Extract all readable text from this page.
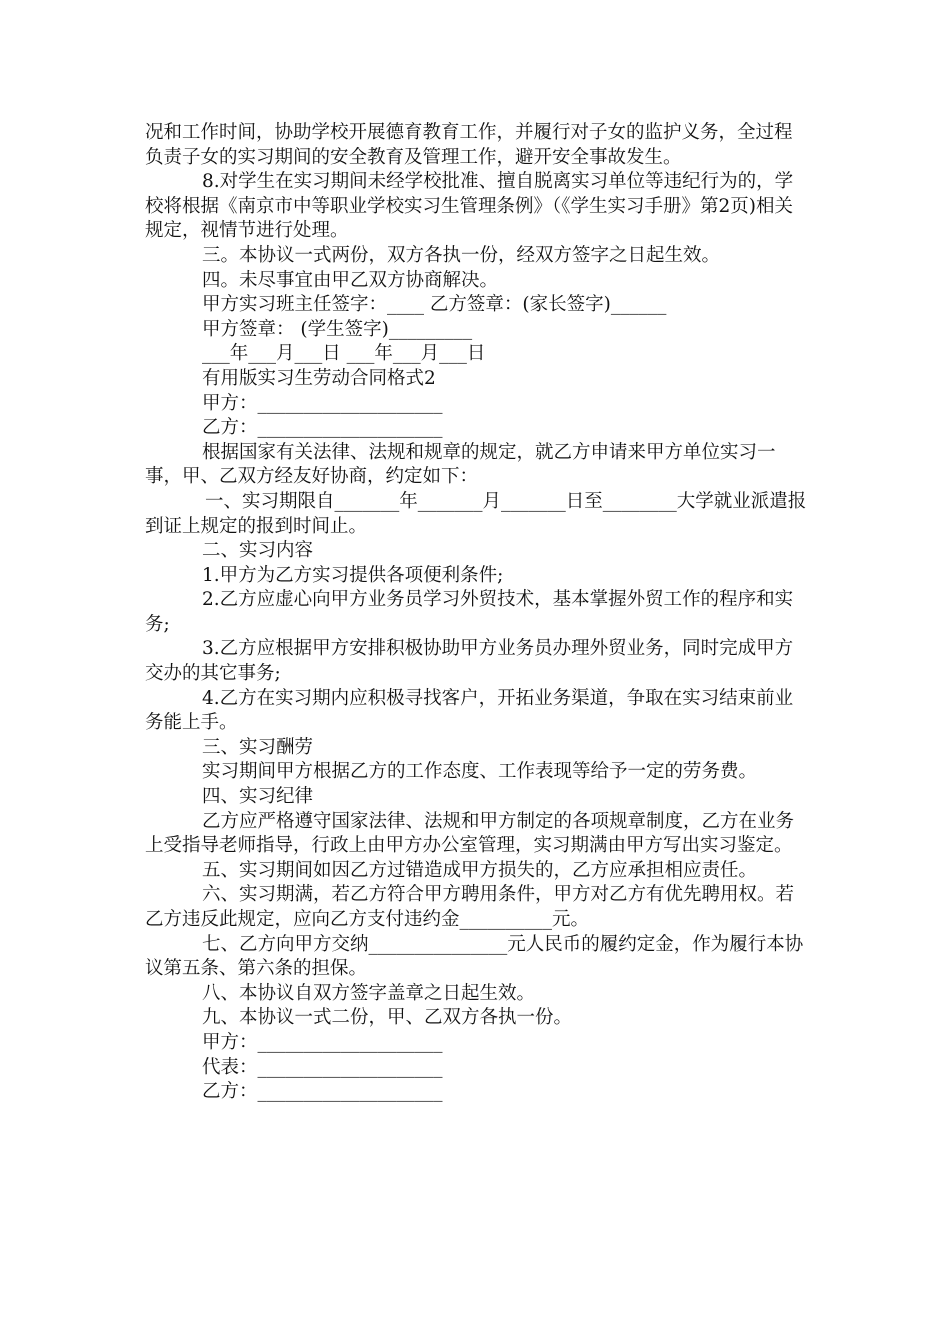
况和工作时间，协助学校开展德育教育工作，并履行对子女的监护义务，全过程负责子女的实习期间的安全教育及管理工作，避开安全事故发生。

8.对学生在实习期间未经学校批准、擅自脱离实习单位等违纪行为的，学校将根据《南京市中等职业学校实习生管理条例》（《学生实习手册》第2页)相关规定，视情节进行处理。

三。本协议一式两份，双方各执一份，经双方签字之日起生效。

四。未尽事宜由甲乙双方协商解决。

甲方实习班主任签字：____ 乙方签章：(家长签字)______

甲方签章： (学生签字)_________

___年___月___日 ___年___月___日

有用版实习生劳动合同格式2

甲方：____________________

乙方：____________________

根据国家有关法律、法规和规章的规定，就乙方申请来甲方单位实习一事，甲、乙双方经友好协商，约定如下：

一、实习期限自_______年_______月_______日至________大学就业派遣报到证上规定的报到时间止。

二、实习内容

1.甲方为乙方实习提供各项便利条件;

2.乙方应虚心向甲方业务员学习外贸技术，基本掌握外贸工作的程序和实务;

3.乙方应根据甲方安排积极协助甲方业务员办理外贸业务，同时完成甲方交办的其它事务;

4.乙方在实习期内应积极寻找客户，开拓业务渠道，争取在实习结束前业务能上手。

三、实习酬劳

实习期间甲方根据乙方的工作态度、工作表现等给予一定的劳务费。

四、实习纪律

乙方应严格遵守国家法律、法规和甲方制定的各项规章制度，乙方在业务上受指导老师指导，行政上由甲方办公室管理，实习期满由甲方写出实习鉴定。

五、实习期间如因乙方过错造成甲方损失的，乙方应承担相应责任。

六、实习期满，若乙方符合甲方聘用条件，甲方对乙方有优先聘用权。若乙方违反此规定，应向乙方支付违约金__________元。

七、乙方向甲方交纳_______________元人民币的履约定金，作为履行本协议第五条、第六条的担保。

八、本协议自双方签字盖章之日起生效。

九、本协议一式二份，甲、乙双方各执一份。

甲方：____________________

代表：____________________

乙方：____________________
